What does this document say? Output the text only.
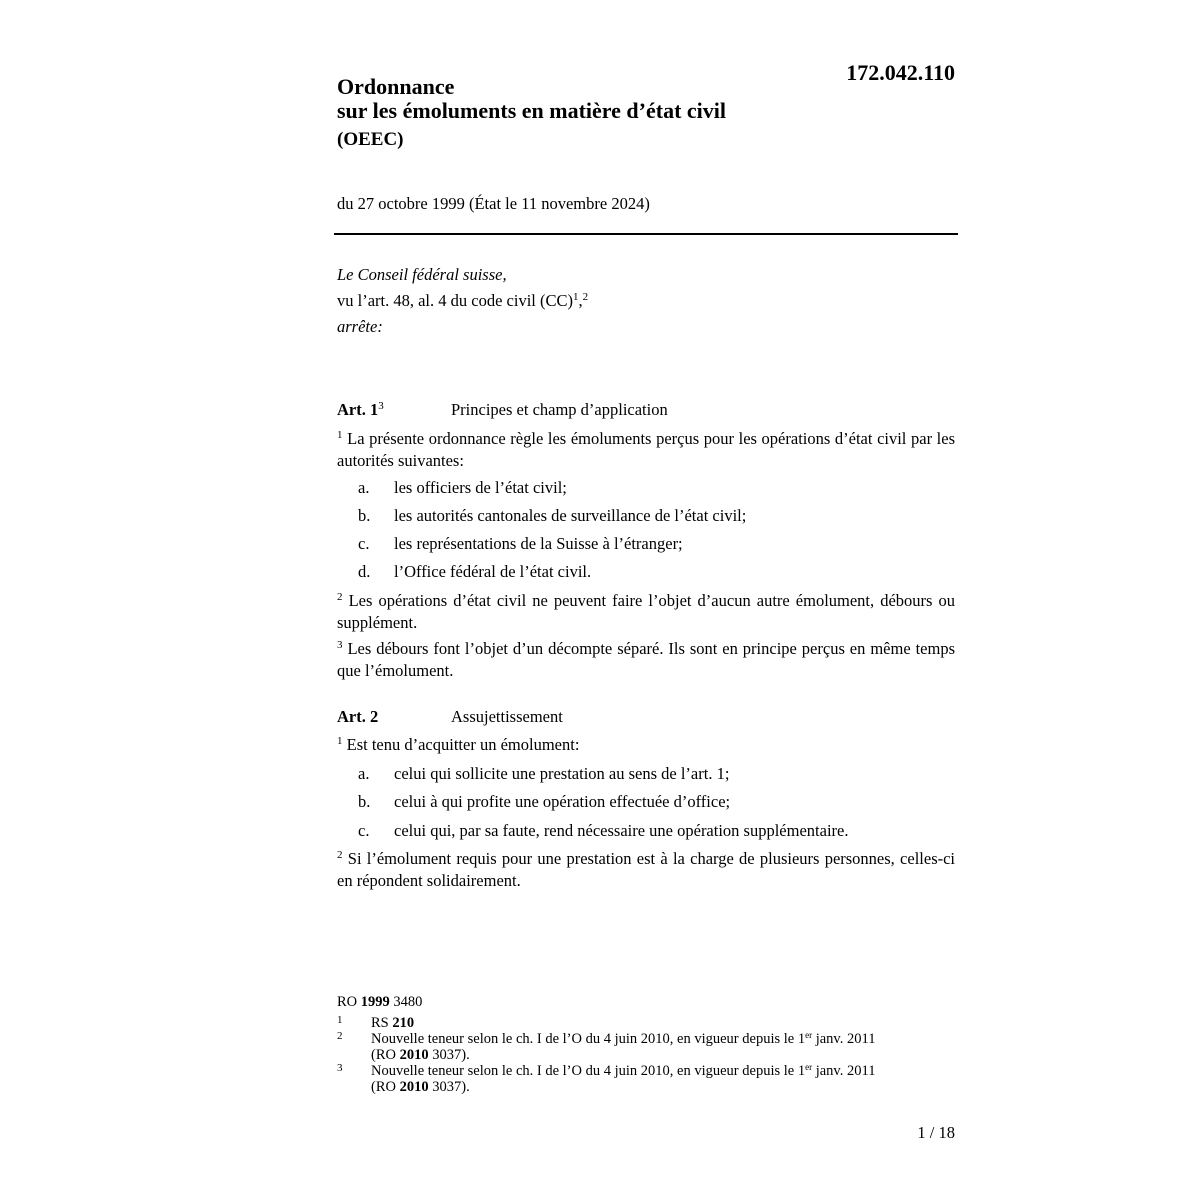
172.042.110
Ordonnance
sur les émoluments en matière d’état civil
(OEEC)
du 27 octobre 1999 (État le 11 novembre 2024)
Le Conseil fédéral suisse,
vu l’art. 48, al. 4 du code civil (CC)$^1$,$^2$
arrête:
Art. $1^3$	Principes et champ d’application
$^1$ La présente ordonnance règle les émoluments perçus pour les opérations d’état civil par les autorités suivantes:
a. les officiers de l’état civil;
b. les autorités cantonales de surveillance de l’état civil;
c. les représentations de la Suisse à l’étranger;
d. l’Office fédéral de l’état civil.
$^2$ Les opérations d’état civil ne peuvent faire l’objet d’aucun autre émolument, débours ou supplément.
$^3$ Les débours font l’objet d’un décompte séparé. Ils sont en principe perçus en même temps que l’émolument.
Art. 2	Assujettissement
$^1$ Est tenu d’acquitter un émolument:
a. celui qui sollicite une prestation au sens de l’art. 1;
b. celui à qui profite une opération effectuée d’office;
c. celui qui, par sa faute, rend nécessaire une opération supplémentaire.
$^2$ Si l’émolument requis pour une prestation est à la charge de plusieurs personnes, celles-ci en répondent solidairement.
RO 1999 3480
1 RS 210
2 Nouvelle teneur selon le ch. I de l’O du 4 juin 2010, en vigueur depuis le 1er janv. 2011
(RO 2010 3037).
3 Nouvelle teneur selon le ch. I de l’O du 4 juin 2010, en vigueur depuis le 1er janv. 2011
(RO 2010 3037).
1 / 18
